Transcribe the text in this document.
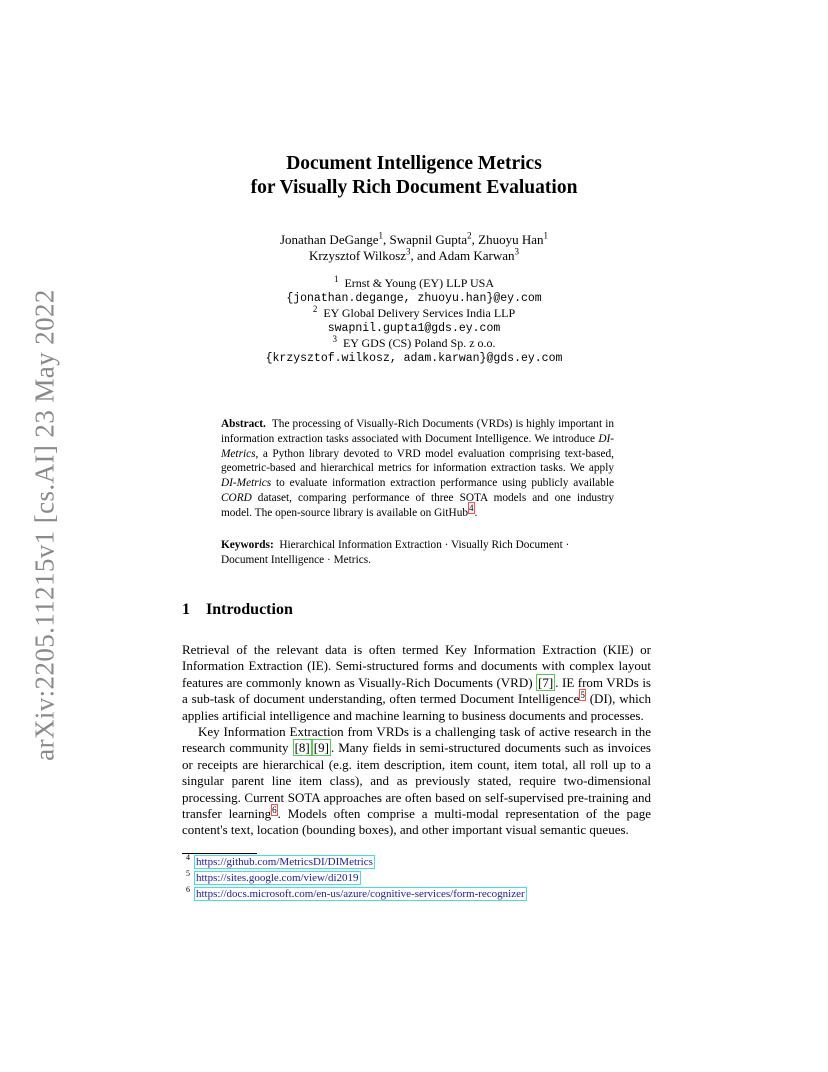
arXiv:2205.11215v1 [cs.AI] 23 May 2022
Document Intelligence Metrics
for Visually Rich Document Evaluation
Jonathan DeGange$^1$, Swapnil Gupta$^2$, Zhuoyu Han$^1$
Krzysztof Wilkosz$^3$, and Adam Karwan$^3$
$^1$ Ernst & Young (EY) LLP USA
{jonathan.degange, zhuoyu.han}@ey.com
$^2$ EY Global Delivery Services India LLP
swapnil.gupta1@gds.ey.com
$^3$ EY GDS (CS) Poland Sp. z o.o.
{krzysztof.wilkosz, adam.karwan}@gds.ey.com
Abstract. The processing of Visually-Rich Documents (VRDs) is highly important in information extraction tasks associated with Document Intelligence. We introduce DI-Metrics, a Python library devoted to VRD model evaluation comprising text-based, geometric-based and hierarchical metrics for information extraction tasks. We apply DI-Metrics to evaluate information extraction performance using publicly available CORD dataset, comparing performance of three SOTA models and one industry model. The open-source library is available on GitHub$^4$.
Keywords: Hierarchical Information Extraction · Visually Rich Document · Document Intelligence · Metrics.
1 Introduction
Retrieval of the relevant data is often termed Key Information Extraction (KIE) or Information Extraction (IE). Semi-structured forms and documents with complex layout features are commonly known as Visually-Rich Documents (VRD) [7] . IE from VRDs is a sub-task of document understanding, often termed Document Intelligence$^5$ (DI), which applies artificial intelligence and machine learning to business documents and processes.
Key Information Extraction from VRDs is a challenging task of active research in the research community [8] [9] . Many fields in semi-structured documents such as invoices or receipts are hierarchical (e.g. item description, item count, item total, all roll up to a singular parent line item class), and as previously stated, require two-dimensional processing. Current SOTA approaches are often based on self-supervised pre-training and transfer learning$^6$. Models often comprise a multi-modal representation of the page content's text, location (bounding boxes), and other important visual semantic queues.
$^4$ https://github.com/MetricsDI/DIMetrics
$^5$ https://sites.google.com/view/di2019
$^6$ https://docs.microsoft.com/en-us/azure/cognitive-services/form-recognizer
